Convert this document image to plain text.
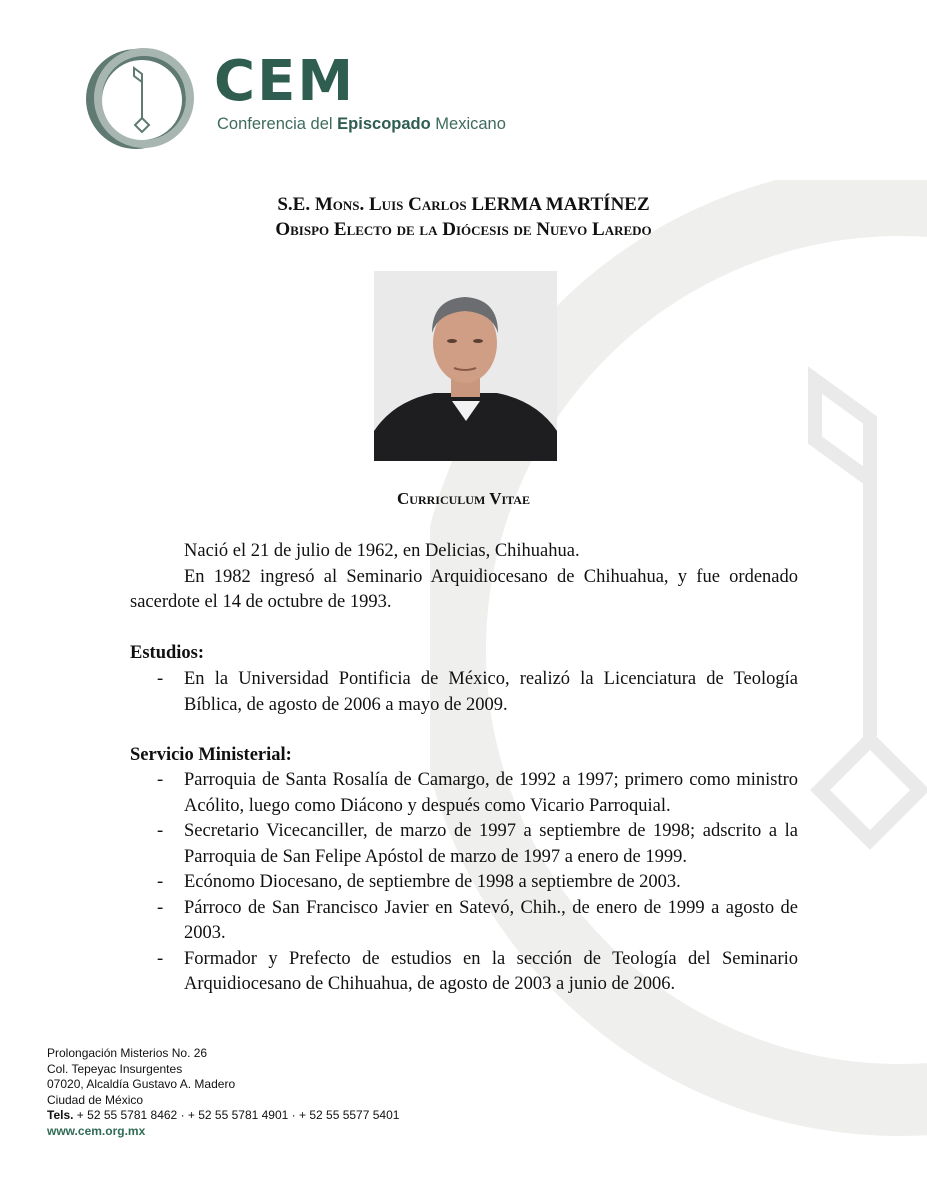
CEM
Conferencia del Episcopado Mexicano
S.E. Mons. Luis Carlos LERMA MARTÍNEZ
Obispo Electo de la Diócesis de Nuevo Laredo
Curriculum Vitae
Nació el 21 de julio de 1962, en Delicias, Chihuahua.
En 1982 ingresó al Seminario Arquidiocesano de Chihuahua, y fue ordenado sacerdote el 14 de octubre de 1993.
Estudios:
- En la Universidad Pontificia de México, realizó la Licenciatura de Teología Bíblica, de agosto de 2006 a mayo de 2009.
Servicio Ministerial:
- Parroquia de Santa Rosalía de Camargo, de 1992 a 1997; primero como ministro Acólito, luego como Diácono y después como Vicario Parroquial.
- Secretario Vicecanciller, de marzo de 1997 a septiembre de 1998; adscrito a la Parroquia de San Felipe Apóstol de marzo de 1997 a enero de 1999.
- Ecónomo Diocesano, de septiembre de 1998 a septiembre de 2003.
- Párroco de San Francisco Javier en Satevó, Chih., de enero de 1999 a agosto de 2003.
- Formador y Prefecto de estudios en la sección de Teología del Seminario Arquidiocesano de Chihuahua, de agosto de 2003 a junio de 2006.
Prolongación Misterios No. 26
Col. Tepeyac Insurgentes
07020, Alcaldía Gustavo A. Madero
Ciudad de México
Tels. + 52 55 5781 8462 · + 52 55 5781 4901 · + 52 55 5577 5401
www.cem.org.mx
